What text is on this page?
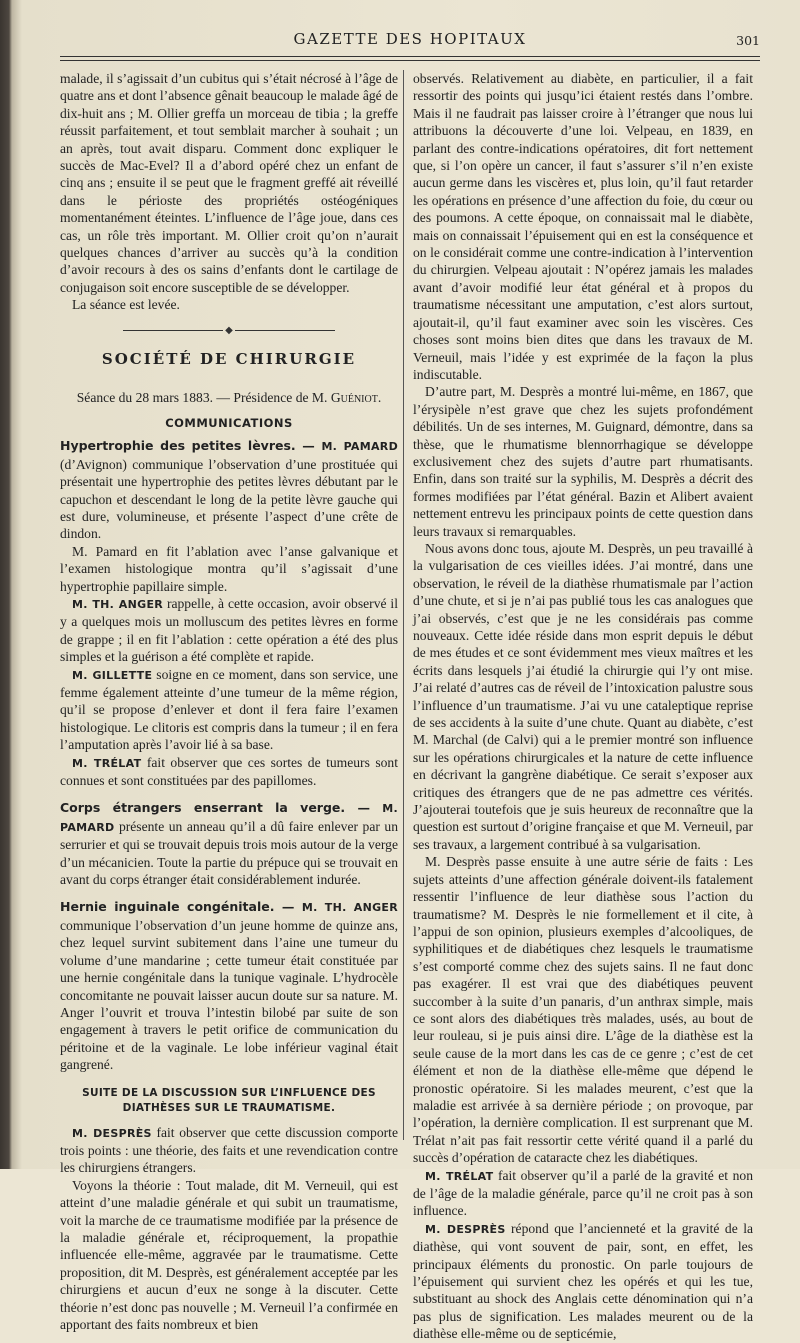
GAZETTE DES HOPITAUX	301

malade, il s’agissait d’un cubitus qui s’était nécrosé à l’âge de quatre ans et dont l’absence gênait beaucoup le malade âgé de dix-huit ans ; M. Ollier greffa un morceau de tibia ; la greffe réussit parfaitement, et tout semblait marcher à souhait ; un an après, tout avait disparu. Comment donc expliquer le succès de Mac-Evel? Il a d’abord opéré chez un enfant de cinq ans ; ensuite il se peut que le fragment greffé ait réveillé dans le périoste des propriétés ostéogéniques momentanément éteintes. L’influence de l’âge joue, dans ces cas, un rôle très important. M. Ollier croit qu’on n’aurait quelques chances d’arriver au succès qu’à la condition d’avoir recours à des os sains d’enfants dont le cartilage de conjugaison soit encore susceptible de se développer.

La séance est levée.

◆
SOCIÉTÉ DE CHIRURGIE
Séance du 28 mars 1883. — Présidence de M. Guéniot.
COMMUNICATIONS

Hypertrophie des petites lèvres. — M. PAMARD (d’Avignon) communique l’observation d’une prostituée qui présentait une hypertrophie des petites lèvres débutant par le capuchon et descendant le long de la petite lèvre gauche qui est dure, volumineuse, et présente l’aspect d’une crête de dindon.

M. Pamard en fit l’ablation avec l’anse galvanique et l’examen histologique montra qu’il s’agissait d’une hypertrophie papillaire simple.

M. TH. ANGER rappelle, à cette occasion, avoir observé il y a quelques mois un molluscum des petites lèvres en forme de grappe ; il en fit l’ablation : cette opération a été des plus simples et la guérison a été complète et rapide.

M. GILLETTE soigne en ce moment, dans son service, une femme également atteinte d’une tumeur de la même région, qu’il se propose d’enlever et dont il fera faire l’examen histologique. Le clitoris est compris dans la tumeur ; il en fera l’amputation après l’avoir lié à sa base.

M. TRÉLAT fait observer que ces sortes de tumeurs sont connues et sont constituées par des papillomes.

Corps étrangers enserrant la verge. — M. PAMARD présente un anneau qu’il a dû faire enlever par un serrurier et qui se trouvait depuis trois mois autour de la verge d’un mécanicien. Toute la partie du prépuce qui se trouvait en avant du corps étranger était considérablement indurée.

Hernie inguinale congénitale. — M. TH. ANGER communique l’observation d’un jeune homme de quinze ans, chez lequel survint subitement dans l’aine une tumeur du volume d’une mandarine ; cette tumeur était constituée par une hernie congénitale dans la tunique vaginale. L’hydrocèle concomitante ne pouvait laisser aucun doute sur sa nature. M. Anger l’ouvrit et trouva l’intestin bilobé par suite de son engagement à travers le petit orifice de communication du péritoine et de la vaginale. Le lobe inférieur vaginal était gangrené.

SUITE DE LA DISCUSSION SUR L’INFLUENCE DES DIATHÈSES SUR LE TRAUMATISME.

M. DESPRÈS fait observer que cette discussion comporte trois points : une théorie, des faits et une revendication contre les chirurgiens étrangers.

Voyons la théorie : Tout malade, dit M. Verneuil, qui est atteint d’une maladie générale et qui subit un traumatisme, voit la marche de ce traumatisme modifiée par la présence de la maladie générale et, réciproquement, la propathie influencée elle-même, aggravée par le traumatisme. Cette proposition, dit M. Desprès, est généralement acceptée par les chirurgiens et aucun d’eux ne songe à la discuter. Cette théorie n’est donc pas nouvelle ; M. Verneuil l’a confirmée en apportant des faits nombreux et bien

observés. Relativement au diabète, en particulier, il a fait ressortir des points qui jusqu’ici étaient restés dans l’ombre. Mais il ne faudrait pas laisser croire à l’étranger que nous lui attribuons la découverte d’une loi. Velpeau, en 1839, en parlant des contre-indications opératoires, dit fort nettement que, si l’on opère un cancer, il faut s’assurer s’il n’en existe aucun germe dans les viscères et, plus loin, qu’il faut retarder les opérations en présence d’une affection du foie, du cœur ou des poumons. A cette époque, on connaissait mal le diabète, mais on connaissait l’épuisement qui en est la conséquence et on le considérait comme une contre-indication à l’intervention du chirurgien. Velpeau ajoutait : N’opérez jamais les malades avant d’avoir modifié leur état général et à propos du traumatisme nécessitant une amputation, c’est alors surtout, ajoutait-il, qu’il faut examiner avec soin les viscères. Ces choses sont moins bien dites que dans les travaux de M. Verneuil, mais l’idée y est exprimée de la façon la plus indiscutable.

D’autre part, M. Desprès a montré lui-même, en 1867, que l’érysipèle n’est grave que chez les sujets profondément débilités. Un de ses internes, M. Guignard, démontre, dans sa thèse, que le rhumatisme blennorrhagique se développe exclusivement chez des sujets d’autre part rhumatisants. Enfin, dans son traité sur la syphilis, M. Desprès a décrit des formes modifiées par l’état général. Bazin et Alibert avaient nettement entrevu les principaux points de cette question dans leurs travaux si remarquables.

Nous avons donc tous, ajoute M. Desprès, un peu travaillé à la vulgarisation de ces vieilles idées. J’ai montré, dans une observation, le réveil de la diathèse rhumatismale par l’action d’une chute, et si je n’ai pas publié tous les cas analogues que j’ai observés, c’est que je ne les considérais pas comme nouveaux. Cette idée réside dans mon esprit depuis le début de mes études et ce sont évidemment mes vieux maîtres et les écrits dans lesquels j’ai étudié la chirurgie qui l’y ont mise. J’ai relaté d’autres cas de réveil de l’intoxication palustre sous l’influence d’un traumatisme. J’ai vu une cataleptique reprise de ses accidents à la suite d’une chute. Quant au diabète, c’est M. Marchal (de Calvi) qui a le premier montré son influence sur les opérations chirurgicales et la nature de cette influence en décrivant la gangrène diabétique. Ce serait s’exposer aux critiques des étrangers que de ne pas admettre ces vérités. J’ajouterai toutefois que je suis heureux de reconnaître que la question est surtout d’origine française et que M. Verneuil, par ses travaux, a largement contribué à sa vulgarisation.

M. Desprès passe ensuite à une autre série de faits : Les sujets atteints d’une affection générale doivent-ils fatalement ressentir l’influence de leur diathèse sous l’action du traumatisme? M. Desprès le nie formellement et il cite, à l’appui de son opinion, plusieurs exemples d’alcooliques, de syphilitiques et de diabétiques chez lesquels le traumatisme s’est comporté comme chez des sujets sains. Il ne faut donc pas exagérer. Il est vrai que des diabétiques peuvent succomber à la suite d’un panaris, d’un anthrax simple, mais ce sont alors des diabétiques très malades, usés, au bout de leur rouleau, si je puis ainsi dire. L’âge de la diathèse est la seule cause de la mort dans les cas de ce genre ; c’est de cet élément et non de la diathèse elle-même que dépend le pronostic opératoire. Si les malades meurent, c’est que la maladie est arrivée à sa dernière période ; on provoque, par l’opération, la dernière complication. Il est surprenant que M. Trélat n’ait pas fait ressortir cette vérité quand il a parlé du succès d’opération de cataracte chez les diabétiques.

M. TRÉLAT fait observer qu’il a parlé de la gravité et non de l’âge de la maladie générale, parce qu’il ne croit pas à son influence.

M. DESPRÈS répond que l’ancienneté et la gravité de la diathèse, qui vont souvent de pair, sont, en effet, les principaux éléments du pronostic. On parle toujours de l’épuisement qui survient chez les opérés et qui les tue, substituant au shock des Anglais cette dénomination qui n’a pas plus de signification. Les malades meurent ou de la diathèse elle-même ou de septicémie,
